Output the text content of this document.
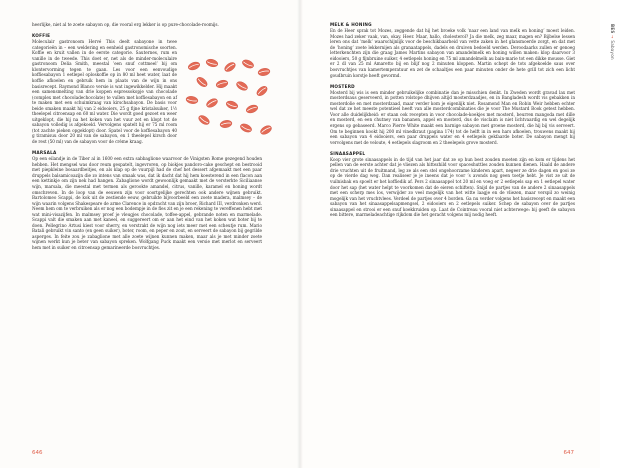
heerlijke, niet al te zoete sabayon op, die vooral erg lekker is op pure-chocolade-roomijs.

KOFFIE

Moleculair gastronoom Hervé This deelt sabayone in twee categorieën in – een weldering en eenheid gastronomische soorten. Koffie en kruit vallen in de eerste categorie. Sauternes, rum en vanille in de tweede. This doet er, net als de minder-moleculaire gastronoom Delia Smith, meestal ‘een snuf cottmeel’ bij om klontervorming tegen te gaan. Les voor een eenvoudige koffiesabayon 1 eetlepel oploskoffie op in 80 ml heet water, laat de koffie afkoelen en gebruik hem in plaats van de wijn in ons basisrecept. Raymond Blanco versie is wat ingewikkelder. Hij maakt een samensmelting van drie koppen espressokopje van chocolade (complex met chocoladechocolate) te vullen met koffiesabayon en af te maken met een schuimkraag van kirschsabayon. De basis voor beide smaken maakt hij van 2 eidooiers, 25 g fijne kristalsuiker, 1½ theelepel citroensap en 60 ml water. Die wordt goed gezoet en weer uitgeklopt, die hij na het koken van het vuur zet en klopt tot de sabayon volledig is afgekoeld. Vervolgens spatelt hij er 75 ml room (tot zachte pieken opgeklopt) door. Spatel voor de koffiesabayon 40 g tiramisuu door 20 ml van de sabayon, en 1 theelepel kirsch door de rest (50 ml) van de sabayon voor de crème kraag.

MARSALA

Op een eilandje in de Tiber al in 1600 een extra sabbaglione waarvoor de Vinigsten Rome gezegend houden hebben. Het mengsel was door reum gespatelt, ingevroren, op biokjes pandoro-cake geschept en bestrooid met piepkleine bosaardbeitjes, en als klap op de vuurpijl had de chef het dessert afgemaakt met een paar druppels balsamicoazijn die zo intens van smaak was, dat ik dacht dat hij hem koesterend in een flacon aan een kettinkje om zijn nek had hangen. Zabaglione wordt gewoonlijk gemaakt met de versterkte Siciliaanse wijn, marsala, die meestal met termen als gerookte amandel, citrus, vanille, karamel en honing wordt omschreven. In de loop van de eeuwen zijn voor soortgelijke gerechten ook andere wijnen gebruikt. Bartolomeo Scappi, de kok uit de zestiende eeuw, gebruikte bijvoorbeeld een zoete madera, malmsey – de wijn waarin volgens Shakespeare de arme Clarence in opdracht van zijn broer, Richard III, verdronken werd. Neem hem om te verbruiken als er nog een bodempje in de fles zit en je een rekening te vereffenen hebt met wat mini-visazijfen. In malmsey proef je vleugjes chocolade, toffee-appel, gebrande noten en marmelade. Scappi valt die smaken aan met kaneel, en suggereert om er aan het eind van het koken wat boter bij te doen. Pellegrino Artusi kiest voor sherry, en verstrakt de wijn nog iets meer met een scheutje rum. Mario Batali gebruikt vin santo (en geen suiker), boter, room, en peper en zout, en serveert de sabayon bij gegrilde asperges. In feite zou je zabaglione met alle zoete wijnen kunnen maken, maar als je met minder zoete wijnen werkt kun je beter van sabayon spreken. Wolfgang Puck maakt een versie met merlot en serveert hem met in suiker en citroensap gemarineerde bosvruchtjes.

646
BES → Sabayon
MELK & HONING

En de Heer sprak tot Mozes, zeggende dat hij het broeke volk ‘naar een land van melk en honing’ moest leiden. Mozes had zeker vaak, van, okay. Heer. Maar, hallo, cholesterol? Ja die melk, zeg maar, magen en? Bijbelse lessen leren ons dat ‘melk’ waarschijnlijk voor de beschikbaarheid van vette zaken in het glansmoerde zorgt, en dat met de ‘honing’ zoete lekkernijen als granaatappels, dadels en druiven bedoeld werden. Deroodaarks zullen er genoeg letterkenchten zijn die graag James Martins sabayon van amandelmelk en honing willen maken: klop daarvoor 3 eidooiers, 50 g fijnbruine suiker, 4 eetlepels honing en 75 ml amandelmelk au bain-marie tot een dikke mousse. Giet er 2 dl van 25 ml Amaretto bij en blijf nog 2 minuten kloppen. Martin schept de tots afgekoelde saus over bosvruchtjes van kamertemperatuur en zet de schaaltjes een paar minuten onder de hete grill tot zich een licht goudbruin korstje heeft gevormd.

MOSTERD

Mosterd bij wis is een minder gebruikelijke combinatie dan je misschien denkt. In Zweden wordt gravad lax met mosterdsaus geserveerd, in potten rolstope dhijven altijd mosterdzaadjes, en in Bangladesh wordt vis gebakken in mosterdolie en met mosterdzaad, maar verder kom je eigenlijk niet. Rosamond Man en Robin Weir hebben echter wel dat ze het meeste potentieel heeft van alle mosterdcombinaties die je voor The Mustard Book getest hebben. Voor alle duidelijkheid: er staan ook recepten in voor chocolade-koekjes met mosterd, beurren mangoda met dille en mosterd, en een chutney van bananen, appel en mosterd, dus de visclaim is niet lichtvaardig en wel degelijk ergens op gebaseerd. Marco Pierre White maakt een barnige sabayon met groene mosterd, die hij bij vis serveert. Om te beginnen kookt hij 200 ml vinedkraut (pagina 174) tot de helft in in een hars afkoelen, trouwens maakt hij een sabayon van 4 eidooiers, een paar druppels water en 4 eetlepels gekfaarde boter. De sabayon mengt hij vervolgens met de veloute, 4 eetlepels slagroom en 2 theelepels grove mosterd.

SINAASAPPEL

Koop vier grote sinaasappels in de tijd van het jaar dat ze op hun best zouden moeten zijn en kom er tijdens het pellen van de eerste achter dat je vliezen als hittezhild voor spaceshuttles zouden kunnen dienen. Haald de andere drie vruchten uit de fruitmand, leg ze als een stel ongehoorzame kinderen apart, negeer ze drie dagen en gooi ze op de vierde dag weg. Dan realiseer je je ineens dat je voor ’s avonds nog geen toetje hebt. Je vist ze uit de vuilnisbak en spoelt er het koffiedik af. Pers 2 sinaasappel tot 20 ml en voeg er 2 eetlepels sap en 1 eetlepel water door het sap (het water helpt te voorkomen dat de eieren schiften). Snijd de partjes van de andere 2 sinaasappels met een scherp mes los, verwijder zo veel mogelijk van het witte laagje en de vliezen, maar verspil zo weinig mogelijk van het vruchtvlees. Verdeel de partjes over 4 borden. Ga nu verder volgens het basisrecept en maakt een sabayon van het sinaasappelsapmengsel, 2 eidooiers en 2 eetlepels suiker. Schep de sabayon over de partjes sinaasappel en strooi er een snuf koekkruiden op. Laat de Cointreau vooral niet achterwege: bij geeft de sabayon een bittere, marmeladeachtige rijkdom die het geracht volgens mij nodig heeft.

647
